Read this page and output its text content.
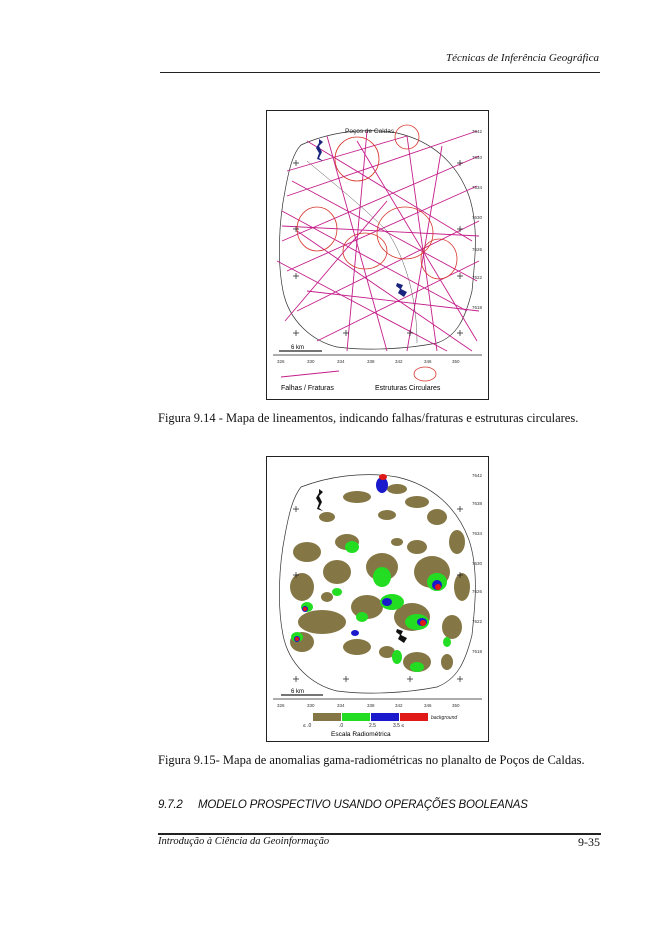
Técnicas de Inferência Geográfica
Poços de Caldas	7642
7640
7634
7630
7626
7622
7618
6 km
326	330	334	338	342	346	350
Falhas / Fraturas	Estruturas Circulares
Figura 9.14 - Mapa de lineamentos, indicando falhas/fraturas e estruturas circulares.
7642
7638
7634
7630
7626
7622
7618
6 km
326	330	334	338	342	346	350
≤ .0	.0	2.5	3.5 ≤
background
Escala Radiométrica
Figura 9.15- Mapa de anomalias gama-radiométricas no planalto de Poços de Caldas.
9.7.2 MODELO PROSPECTIVO USANDO OPERAÇÕES BOOLEANAS
Introdução à Ciência da Geoinformação	9-35
